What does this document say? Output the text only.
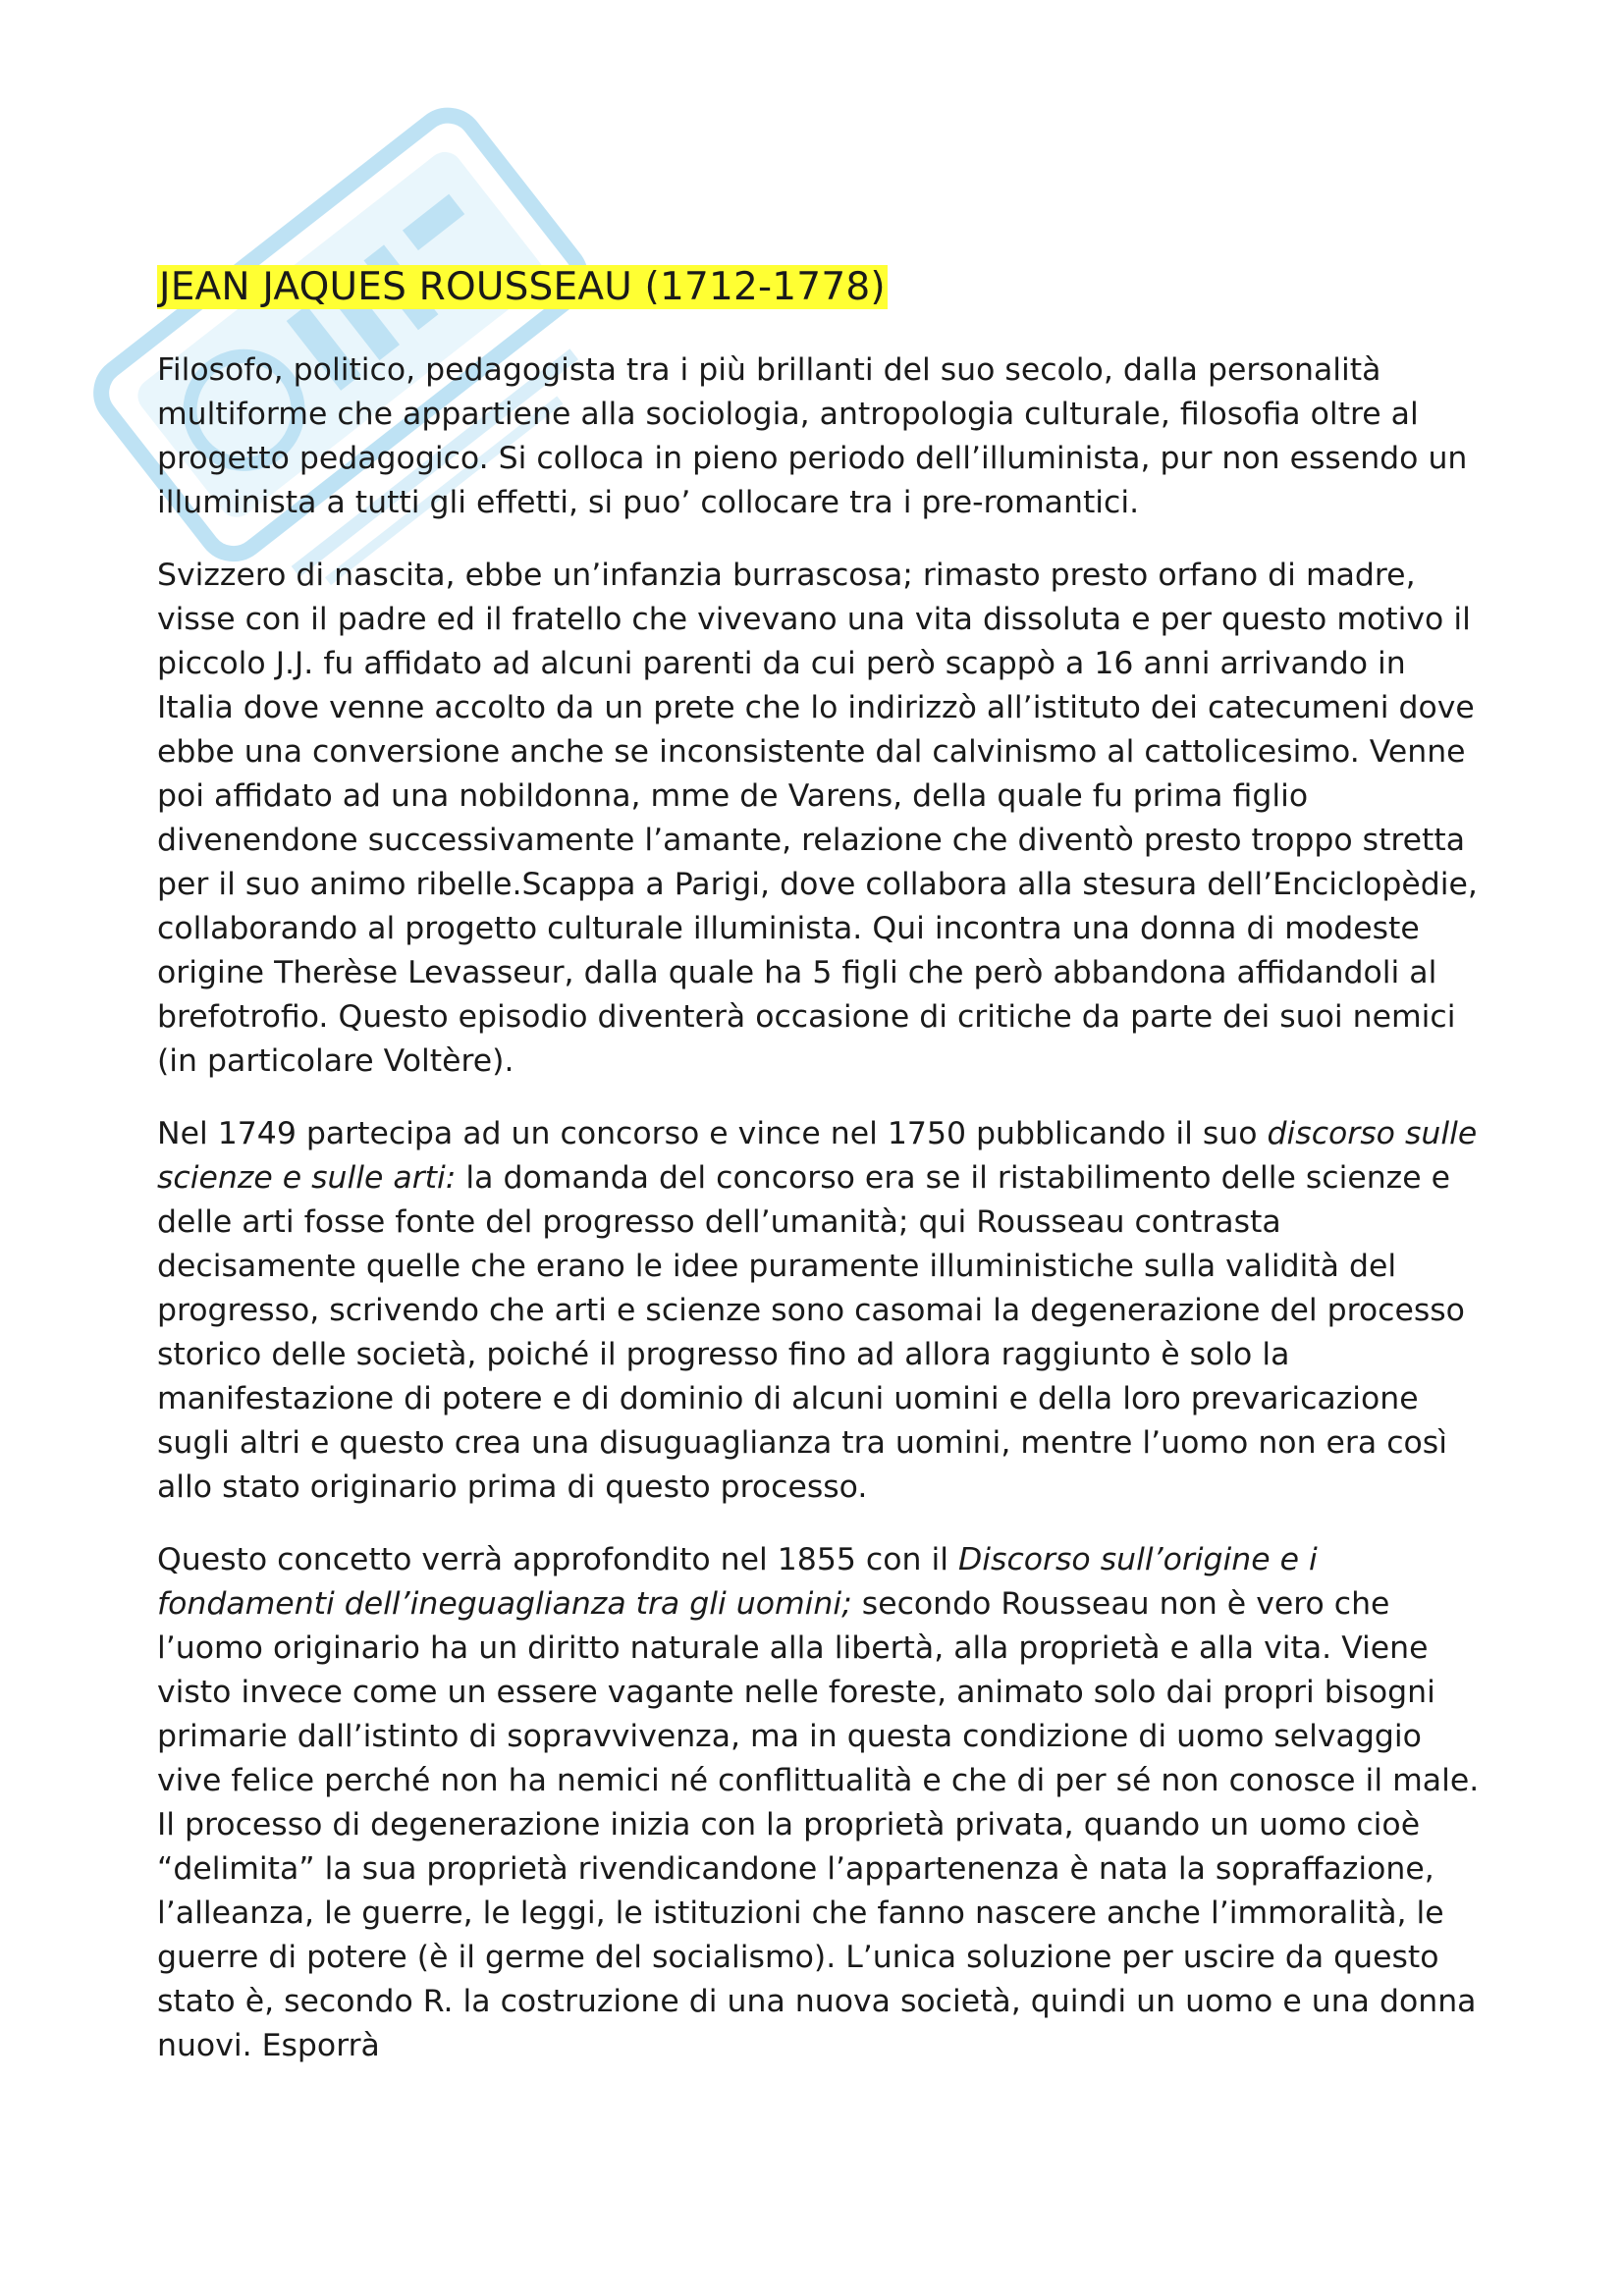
JEAN JAQUES ROUSSEAU (1712-1778)

Filosofo, politico, pedagogista tra i più brillanti del suo secolo, dalla personalità multiforme che appartiene alla sociologia, antropologia culturale, filosofia oltre al progetto pedagogico. Si colloca in pieno periodo dell’illuminista, pur non essendo un illuminista a tutti gli effetti, si puo’ collocare tra i pre-romantici.

Svizzero di nascita, ebbe un’infanzia burrascosa; rimasto presto orfano di madre, visse con il padre ed il fratello che vivevano una vita dissoluta e per questo motivo il piccolo J.J. fu affidato ad alcuni parenti da cui però scappò a 16 anni arrivando in Italia dove venne accolto da un prete che lo indirizzò all’istituto dei catecumeni dove ebbe una conversione anche se inconsistente dal calvinismo al cattolicesimo. Venne poi affidato ad una nobildonna, mme de Varens, della quale fu prima figlio divenendone successivamente l’amante, relazione che diventò presto troppo stretta per il suo animo ribelle.Scappa a Parigi, dove collabora alla stesura dell’Enciclopèdie, collaborando al progetto culturale illuminista. Qui incontra una donna di modeste origine Therèse Levasseur, dalla quale ha 5 figli che però abbandona affidandoli al brefotrofio. Questo episodio diventerà occasione di critiche da parte dei suoi nemici (in particolare Voltère).

Nel 1749 partecipa ad un concorso e vince nel 1750 pubblicando il suo discorso sulle scienze e sulle arti: la domanda del concorso era se il ristabilimento delle scienze e delle arti fosse fonte del progresso dell’umanità; qui Rousseau contrasta decisamente quelle che erano le idee puramente illuministiche sulla validità del progresso, scrivendo che arti e scienze sono casomai la degenerazione del processo storico delle società, poiché il progresso fino ad allora raggiunto è solo la manifestazione di potere e di dominio di alcuni uomini e della loro prevaricazione sugli altri e questo crea una disuguaglianza tra uomini, mentre l’uomo non era così allo stato originario prima di questo processo.

Questo concetto verrà approfondito nel 1855 con il Discorso sull’origine e i fondamenti dell’ineguaglianza tra gli uomini; secondo Rousseau non è vero che l’uomo originario ha un diritto naturale alla libertà, alla proprietà e alla vita. Viene visto invece come un essere vagante nelle foreste, animato solo dai propri bisogni primarie dall’istinto di sopravvivenza, ma in questa condizione di uomo selvaggio vive felice perché non ha nemici né conflittualità e che di per sé non conosce il male. Il processo di degenerazione inizia con la proprietà privata, quando un uomo cioè “delimita” la sua proprietà rivendicandone l’appartenenza è nata la sopraffazione, l’alleanza, le guerre, le leggi, le istituzioni che fanno nascere anche l’immoralità, le guerre di potere (è il germe del socialismo). L’unica soluzione per uscire da questo stato è, secondo R. la costruzione di una nuova società, quindi un uomo e una donna nuovi. Esporrà
